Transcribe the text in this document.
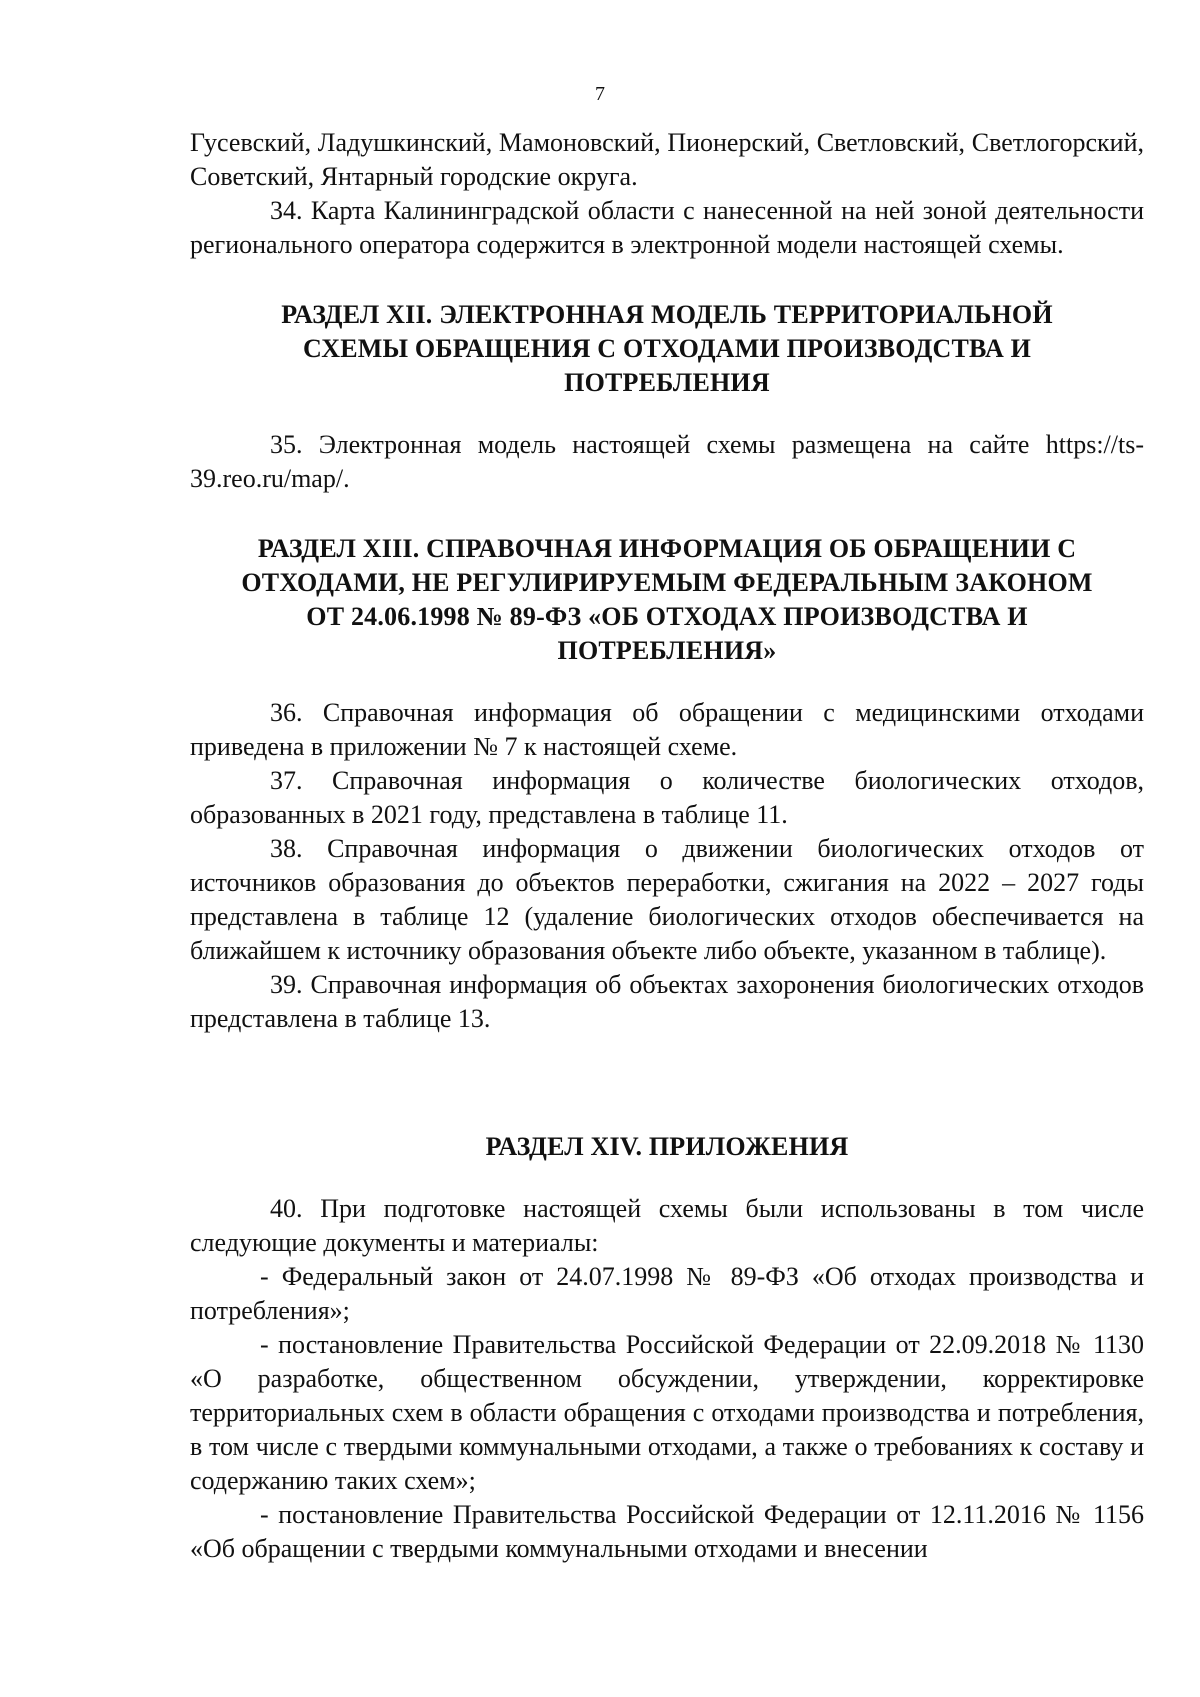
7

Гусевский, Ладушкинский, Мамоновский, Пионерский, Светловский, Светлогорский, Советский, Янтарный городские округа.

34. Карта Калининградской области с нанесенной на ней зоной деятельности регионального оператора содержится в электронной модели настоящей схемы.

РАЗДЕЛ XII. ЭЛЕКТРОННАЯ МОДЕЛЬ ТЕРРИТОРИАЛЬНОЙ

СХЕМЫ ОБРАЩЕНИЯ С ОТХОДАМИ ПРОИЗВОДСТВА И

ПОТРЕБЛЕНИЯ

35. Электронная модель настоящей схемы размещена на сайте https://ts-39.reo.ru/map/.

РАЗДЕЛ XIII. СПРАВОЧНАЯ ИНФОРМАЦИЯ ОБ ОБРАЩЕНИИ С

ОТХОДАМИ, НЕ РЕГУЛИРИРУЕМЫМ ФЕДЕРАЛЬНЫМ ЗАКОНОМ

ОТ 24.06.1998 № 89-ФЗ «ОБ ОТХОДАХ ПРОИЗВОДСТВА И

ПОТРЕБЛЕНИЯ»

36. Справочная информация об обращении с медицинскими отходами приведена в приложении № 7 к настоящей схеме.

37. Справочная информация о количестве биологических отходов, образованных в 2021 году, представлена в таблице 11.

38. Справочная информация о движении биологических отходов от источников образования до объектов переработки, сжигания на 2022 – 2027 годы представлена в таблице 12 (удаление биологических отходов обеспечивается на ближайшем к источнику образования объекте либо объекте, указанном в таблице).

39. Справочная информация об объектах захоронения биологических отходов представлена в таблице 13.

РАЗДЕЛ XIV. ПРИЛОЖЕНИЯ

40. При подготовке настоящей схемы были использованы в том числе следующие документы и материалы:

- Федеральный закон от 24.07.1998 № 89-ФЗ «Об отходах производства и потребления»;

- постановление Правительства Российской Федерации от 22.09.2018 № 1130 «О разработке, общественном обсуждении, утверждении, корректировке территориальных схем в области обращения с отходами производства и потребления, в том числе с твердыми коммунальными отходами, а также о требованиях к составу и содержанию таких схем»;

- постановление Правительства Российской Федерации от 12.11.2016 № 1156 «Об обращении с твердыми коммунальными отходами и внесении
